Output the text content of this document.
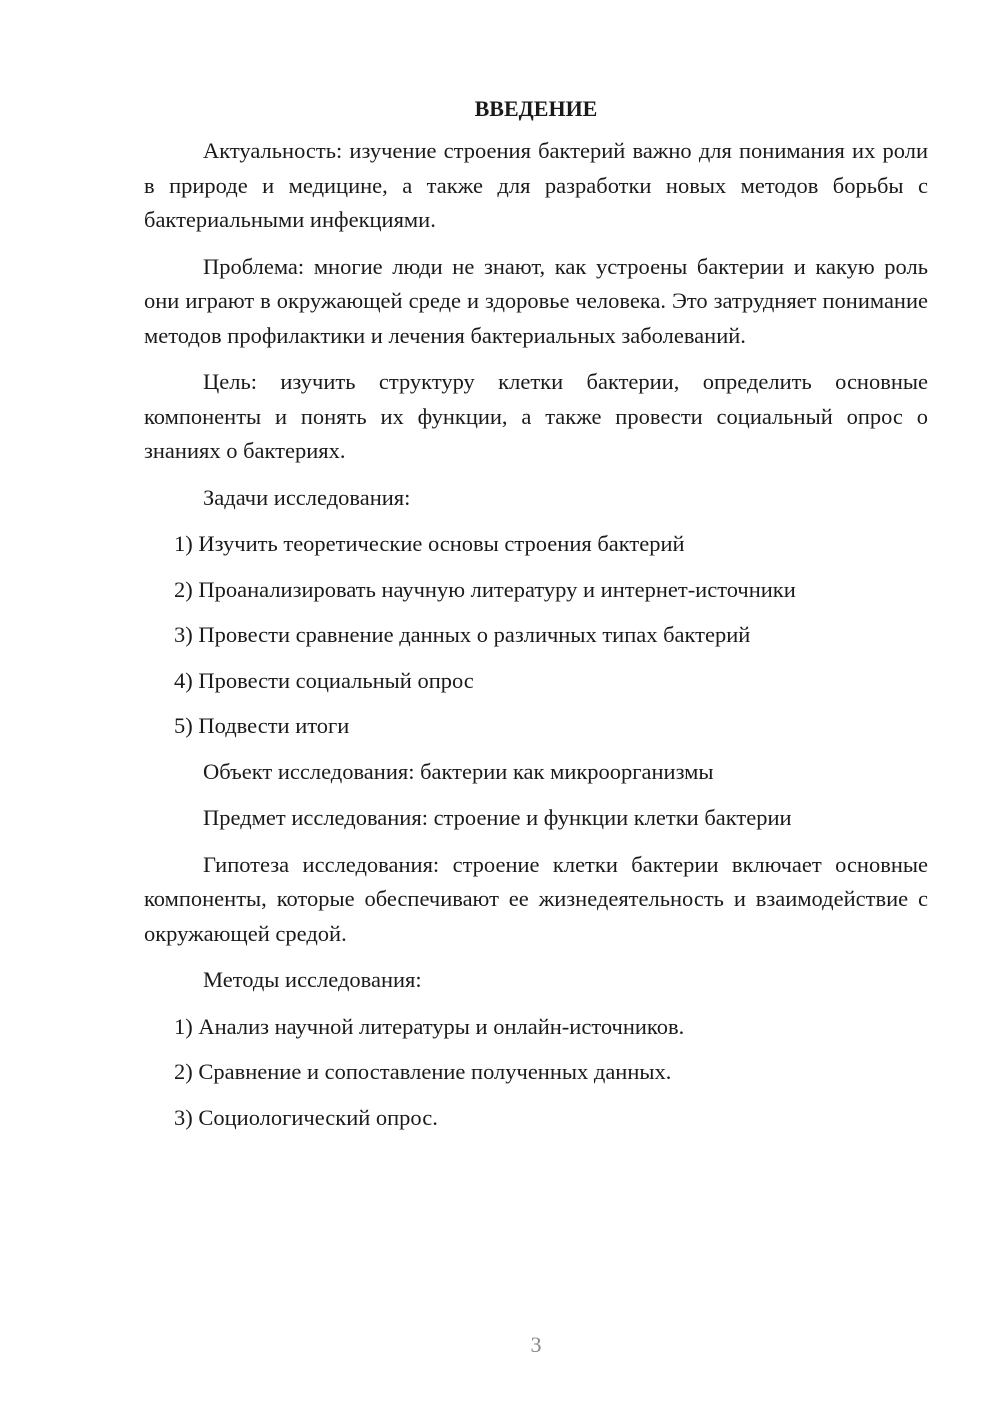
ВВЕДЕНИЕ

Актуальность: изучение строения бактерий важно для понимания их роли в природе и медицине, а также для разработки новых методов борьбы с бактериальными инфекциями.

Проблема: многие люди не знают, как устроены бактерии и какую роль они играют в окружающей среде и здоровье человека. Это затрудняет понимание методов профилактики и лечения бактериальных заболеваний.

Цель: изучить структуру клетки бактерии, определить основные компоненты и понять их функции, а также провести социальный опрос о знаниях о бактериях.

Задачи исследования:

1) Изучить теоретические основы строения бактерий
2) Проанализировать научную литературу и интернет-источники
3) Провести сравнение данных о различных типах бактерий
4) Провести социальный опрос
5) Подвести итоги

Объект исследования: бактерии как микроорганизмы

Предмет исследования: строение и функции клетки бактерии

Гипотеза исследования: строение клетки бактерии включает основные компоненты, которые обеспечивают ее жизнедеятельность и взаимодействие с окружающей средой.

Методы исследования:

1) Анализ научной литературы и онлайн-источников.
2) Сравнение и сопоставление полученных данных.
3) Социологический опрос.
3
